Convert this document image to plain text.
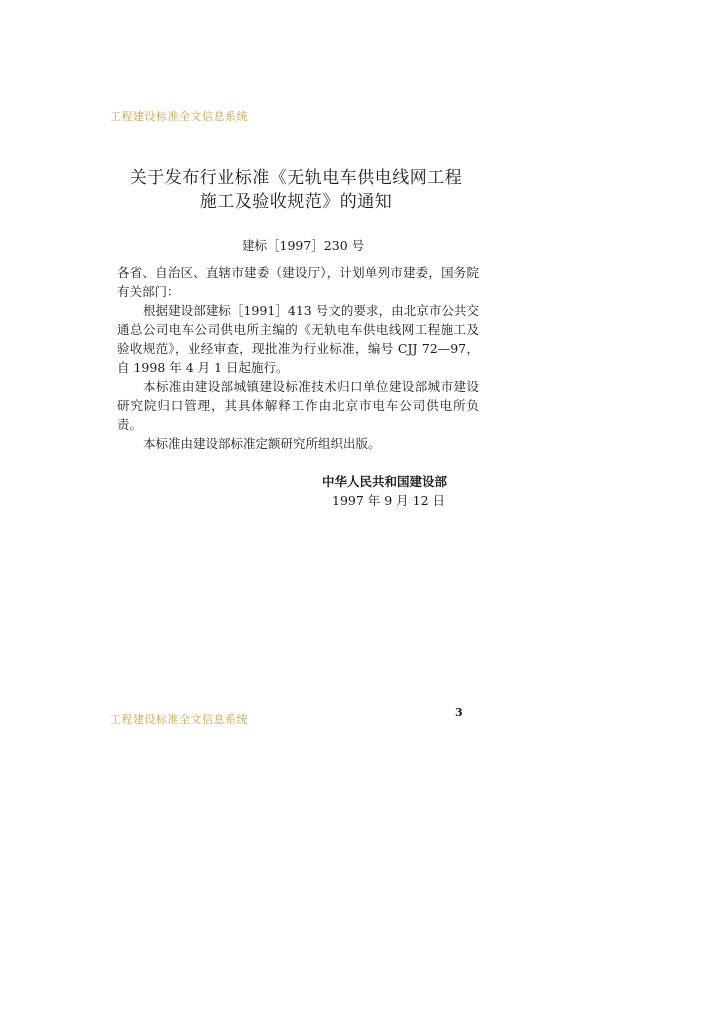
工程建设标准全文信息系统
关于发布行业标准《无轨电车供电线网工程
施工及验收规范》的通知
建标［1997］230 号

各省、自治区、直辖市建委（建设厅），计划单列市建委，国务院有关部门：

根据建设部建标［1991］413 号文的要求，由北京市公共交通总公司电车公司供电所主编的《无轨电车供电线网工程施工及验收规范》，业经审查，现批准为行业标准，编号 CJJ 72—97，自 1998 年 4 月 1 日起施行。

本标准由建设部城镇建设标准技术归口单位建设部城市建设研究院归口管理，其具体解释工作由北京市电车公司供电所负责。

本标准由建设部标准定额研究所组织出版。

中华人民共和国建设部
1997 年 9 月 12 日
工程建设标准全文信息系统
3
